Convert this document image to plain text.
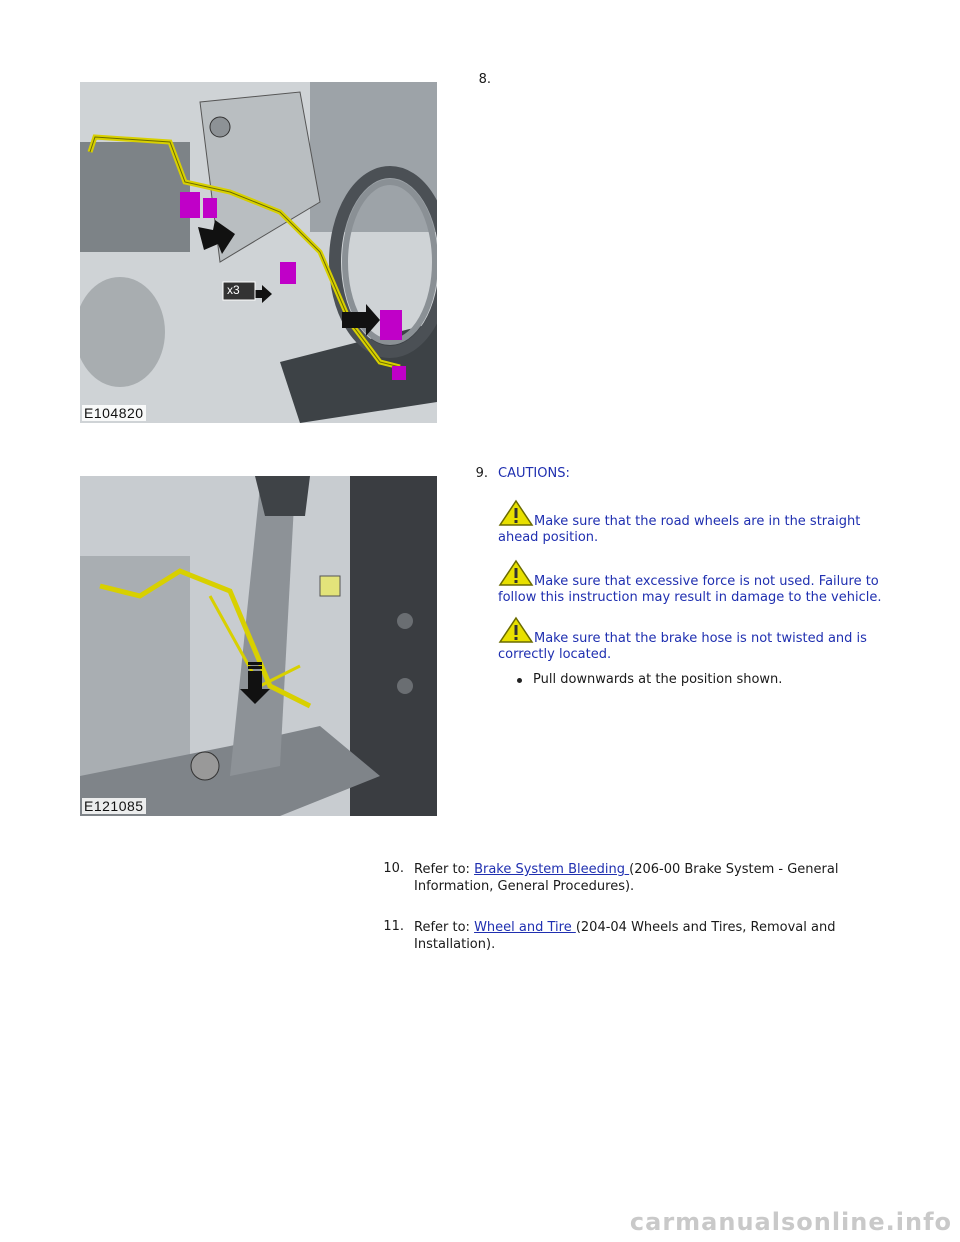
x3
E104820
8.
E121085
9. CAUTIONS:
Make sure that the road wheels are in the straight ahead position.
Make sure that excessive force is not used. Failure to follow this instruction may result in damage to the vehicle.
Make sure that the brake hose is not twisted and is correctly located.
Pull downwards at the position shown.
10. Refer to: Brake System Bleeding (206-00 Brake System - General Information, General Procedures).
11. Refer to: Wheel and Tire (204-04 Wheels and Tires, Removal and Installation).
carmanualsonline.info
